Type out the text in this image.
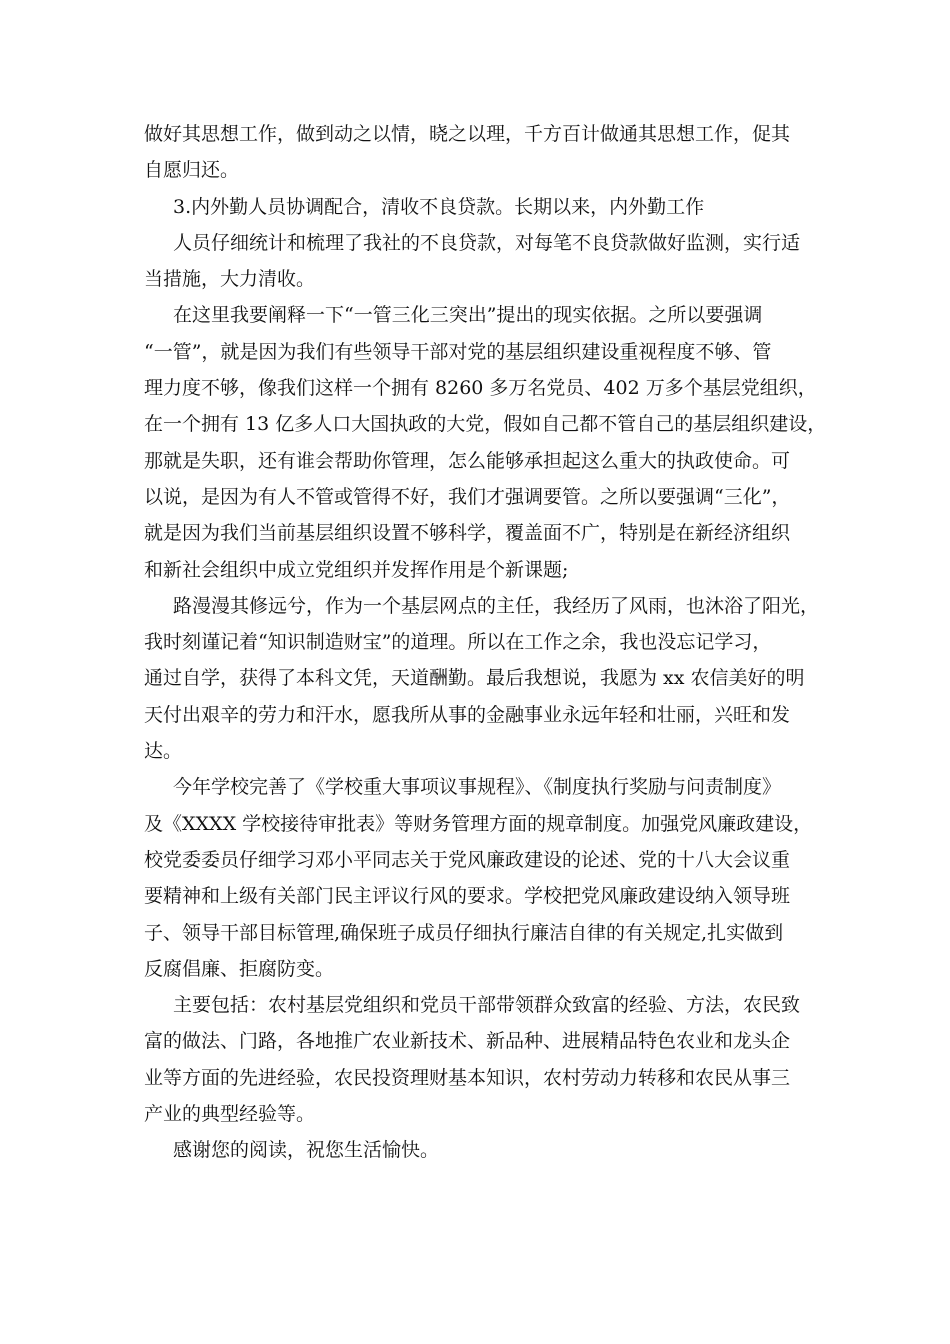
做好其思想工作，做到动之以情，晓之以理，千方百计做通其思想工作，促其
自愿归还。

3.内外勤人员协调配合，清收不良贷款。长期以来，内外勤工作

人员仔细统计和梳理了我社的不良贷款，对每笔不良贷款做好监测，实行适
当措施，大力清收。

在这里我要阐释一下“一管三化三突出”提出的现实依据。之所以要强调
“一管”，就是因为我们有些领导干部对党的基层组织建设重视程度不够、管
理力度不够，像我们这样一个拥有 8260 多万名党员、402 万多个基层党组织，
在一个拥有 13 亿多人口大国执政的大党，假如自己都不管自己的基层组织建设，
那就是失职，还有谁会帮助你管理，怎么能够承担起这么重大的执政使命。可
以说，是因为有人不管或管得不好，我们才强调要管。之所以要强调“三化”，
就是因为我们当前基层组织设置不够科学，覆盖面不广，特别是在新经济组织
和新社会组织中成立党组织并发挥作用是个新课题;

路漫漫其修远兮，作为一个基层网点的主任，我经历了风雨，也沐浴了阳光，
我时刻谨记着“知识制造财宝”的道理。所以在工作之余，我也没忘记学习，
通过自学，获得了本科文凭，天道酬勤。最后我想说，我愿为 xx 农信美好的明
天付出艰辛的劳力和汗水，愿我所从事的金融事业永远年轻和壮丽，兴旺和发
达。

今年学校完善了《学校重大事项议事规程》、《制度执行奖励与问责制度》
及《XXXX 学校接待审批表》等财务管理方面的规章制度。加强党风廉政建设，
校党委委员仔细学习邓小平同志关于党风廉政建设的论述、党的十八大会议重
要精神和上级有关部门民主评议行风的要求。学校把党风廉政建设纳入领导班
子、领导干部目标管理,确保班子成员仔细执行廉洁自律的有关规定,扎实做到
反腐倡廉、拒腐防变。

主要包括：农村基层党组织和党员干部带领群众致富的经验、方法，农民致
富的做法、门路，各地推广农业新技术、新品种、进展精品特色农业和龙头企
业等方面的先进经验，农民投资理财基本知识，农村劳动力转移和农民从事三
产业的典型经验等。

感谢您的阅读，祝您生活愉快。
